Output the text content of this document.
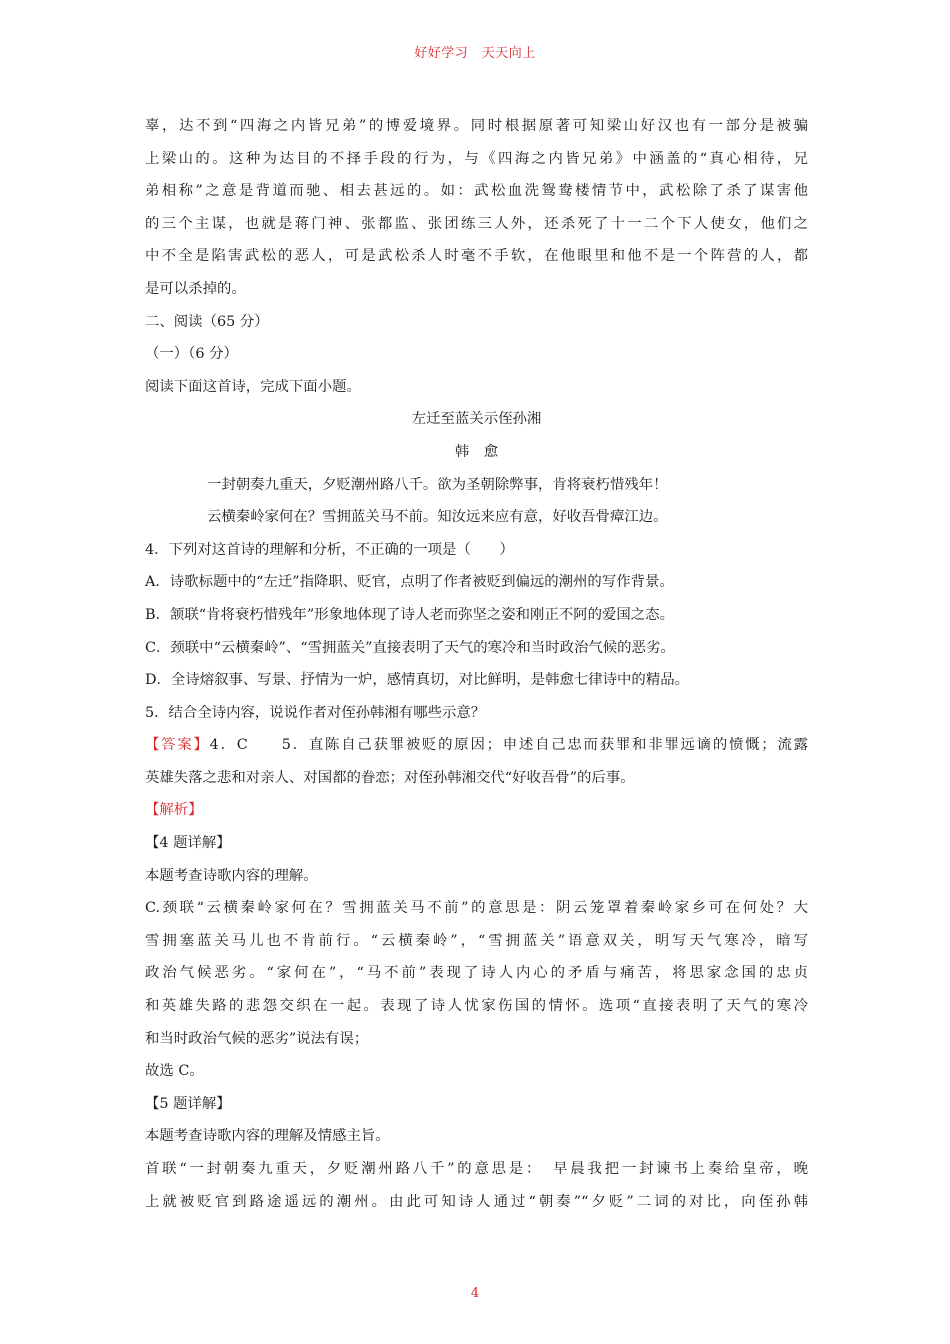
好好学习　天天向上

辜，达不到“四海之内皆兄弟”的博爱境界。同时根据原著可知梁山好汉也有一部分是被骗

上梁山的。这种为达目的不择手段的行为，与《四海之内皆兄弟》中涵盖的“真心相待，兄

弟相称”之意是背道而驰、相去甚远的。如：武松血洗鸳鸯楼情节中，武松除了杀了谋害他

的三个主谋，也就是蒋门神、张都监、张团练三人外，还杀死了十一二个下人使女，他们之

中不全是陷害武松的恶人，可是武松杀人时毫不手软，在他眼里和他不是一个阵营的人，都

是可以杀掉的。

二、阅读（65 分）

（一）（6 分）

阅读下面这首诗，完成下面小题。

左迁至蓝关示侄孙湘

韩　愈

一封朝奏九重天，夕贬潮州路八千。欲为圣朝除弊事，肯将衰朽惜残年！

云横秦岭家何在？雪拥蓝关马不前。知汝远来应有意，好收吾骨瘴江边。

4．下列对这首诗的理解和分析，不正确的一项是（　　）

A．诗歌标题中的“左迁”指降职、贬官，点明了作者被贬到偏远的潮州的写作背景。

B．颔联“肯将衰朽惜残年”形象地体现了诗人老而弥坚之姿和刚正不阿的爱国之态。

C．颈联中“云横秦岭”、“雪拥蓝关”直接表明了天气的寒冷和当时政治气候的恶劣。

D．全诗熔叙事、写景、抒情为一炉，感情真切，对比鲜明，是韩愈七律诗中的精品。

5．结合全诗内容，说说作者对侄孙韩湘有哪些示意？

【答案】4．C　　5．直陈自己获罪被贬的原因；申述自己忠而获罪和非罪远谪的愤慨；流露

英雄失落之悲和对亲人、对国都的眷恋；对侄孙韩湘交代“好收吾骨”的后事。

【解析】

【4 题详解】

本题考查诗歌内容的理解。

C.颈联“云横秦岭家何在？雪拥蓝关马不前”的意思是：阴云笼罩着秦岭家乡可在何处？大

雪拥塞蓝关马儿也不肯前行。“云横秦岭”，“雪拥蓝关”语意双关，明写天气寒冷，暗写

政治气候恶劣。“家何在”，“马不前”表现了诗人内心的矛盾与痛苦，将思家念国的忠贞

和英雄失路的悲怨交织在一起。表现了诗人忧家伤国的情怀。选项“直接表明了天气的寒冷

和当时政治气候的恶劣”说法有误；

故选 C。

【5 题详解】

本题考查诗歌内容的理解及情感主旨。

首联“一封朝奏九重天，夕贬潮州路八千”的意思是：　早晨我把一封谏书上奏给皇帝，晚

上就被贬官到路途遥远的潮州。由此可知诗人通过“朝奏”“夕贬”二词的对比，向侄孙韩

4
